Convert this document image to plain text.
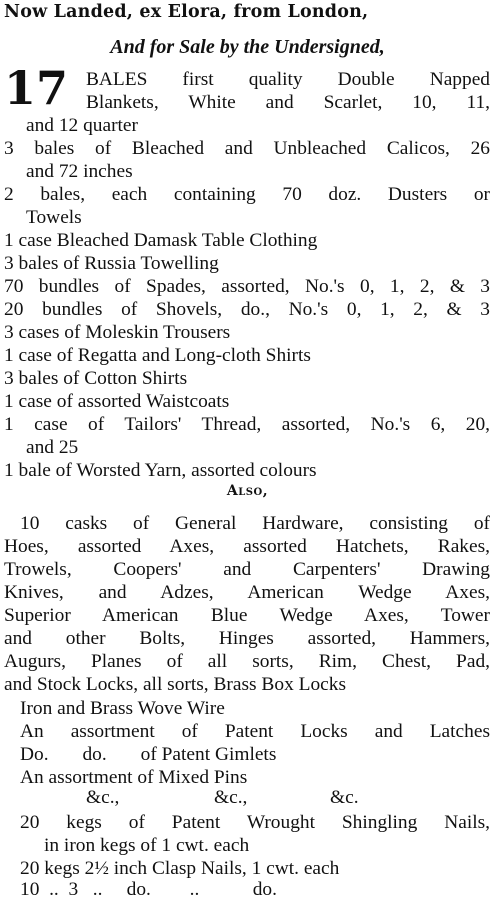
Now Landed, ex Elora, from London,
And for Sale by the Undersigned,
17 BALES first quality Double Napped
Blankets, White and Scarlet, 10, 11,
and 12 quarter
3 bales of Bleached and Unbleached Calicos, 26
and 72 inches
2 bales, each containing 70 doz. Dusters or
Towels
1 case Bleached Damask Table Clothing
3 bales of Russia Towelling
70 bundles of Spades, assorted, No.'s 0, 1, 2, & 3
20 bundles of Shovels, do., No.'s 0, 1, 2, & 3
3 cases of Moleskin Trousers
1 case of Regatta and Long-cloth Shirts
3 bales of Cotton Shirts
1 case of assorted Waistcoats
1 case of Tailors' Thread, assorted, No.'s 6, 20,
and 25
1 bale of Worsted Yarn, assorted colours
Also,
10 casks of General Hardware, consisting of
Hoes, assorted Axes, assorted Hatchets, Rakes,
Trowels, Coopers' and Carpenters' Drawing
Knives, and Adzes, American Wedge Axes,
Superior American Blue Wedge Axes, Tower
and other Bolts, Hinges assorted, Hammers,
Augurs, Planes of all sorts, Rim, Chest, Pad,
and Stock Locks, all sorts, Brass Box Locks
Iron and Brass Wove Wire
An assortment of Patent Locks and Latches
Do.       do.       of Patent Gimlets
An assortment of Mixed Pins
&c.,	&c.,	&c.
20 kegs of Patent Wrought Shingling Nails,
in iron kegs of 1 cwt. each
20 kegs 2½ inch Clasp Nails, 1 cwt. each
10  ..  3   ..     do.        ..           do.
